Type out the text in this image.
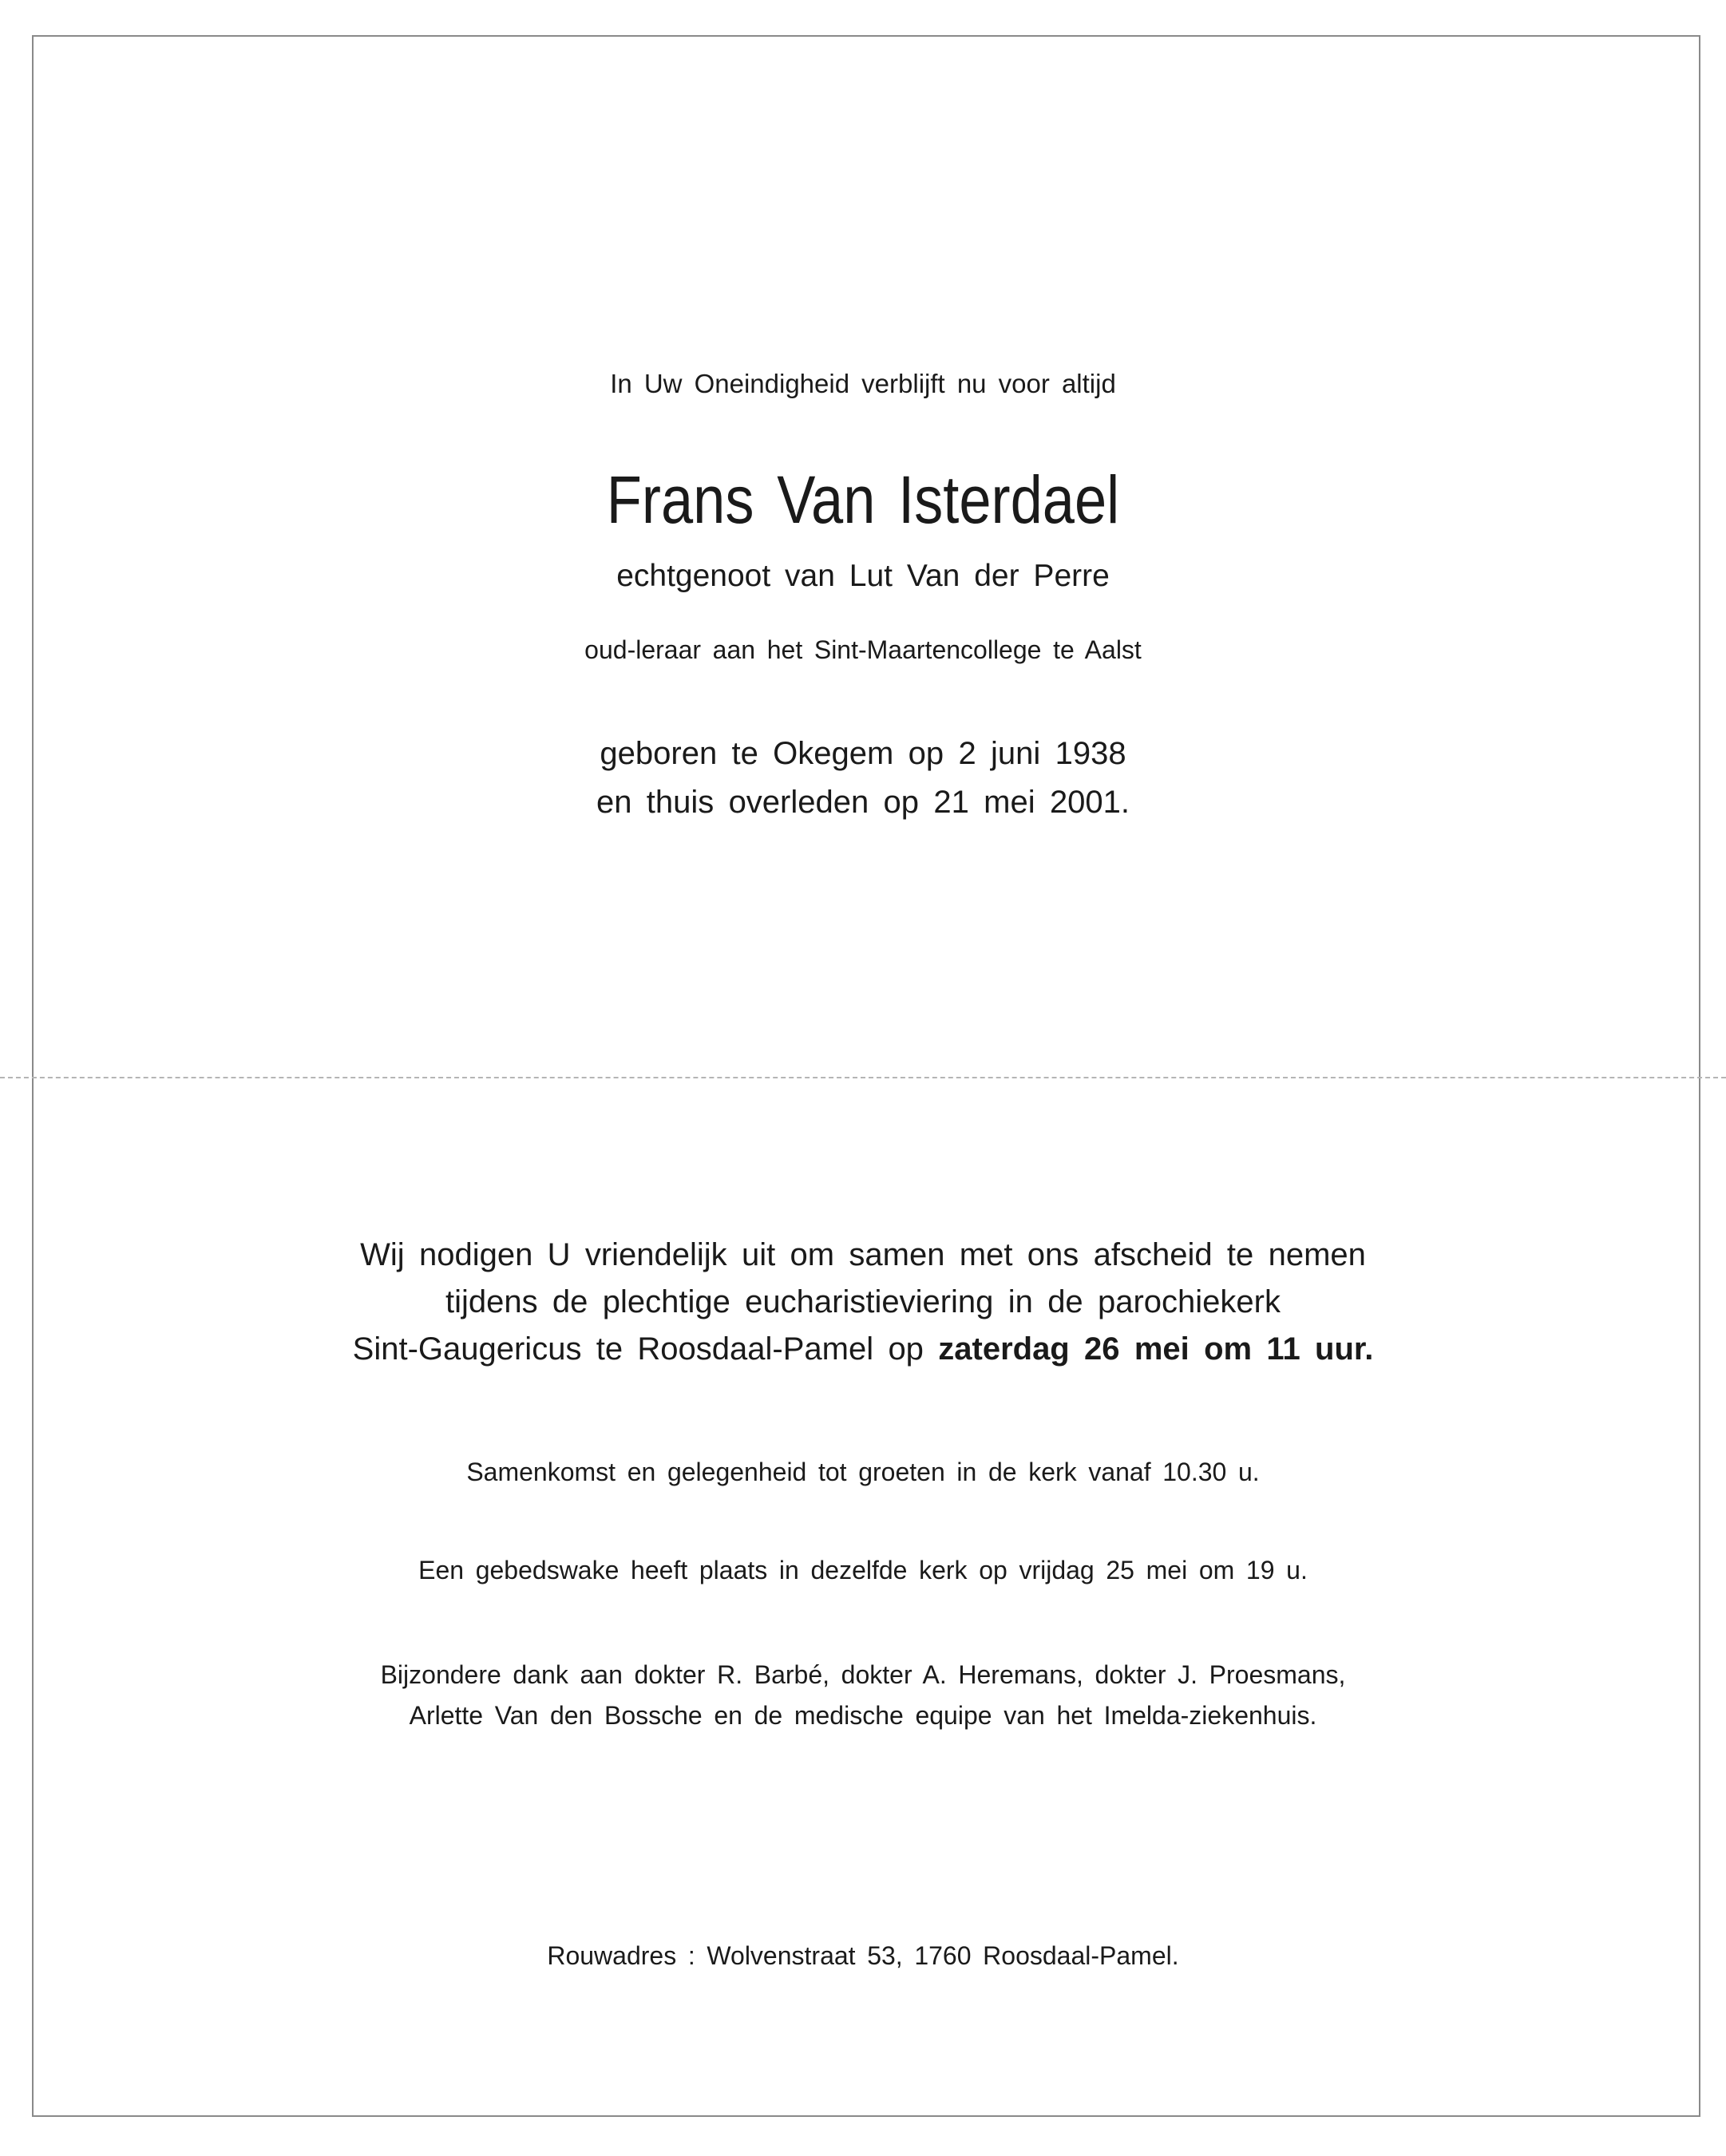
In Uw Oneindigheid verblijft nu voor altijd
Frans Van Isterdael
echtgenoot van Lut Van der Perre
oud-leraar aan het Sint-Maartencollege te Aalst
geboren te Okegem op 2 juni 1938
en thuis overleden op 21 mei 2001.
Wij nodigen U vriendelijk uit om samen met ons afscheid te nemen
tijdens de plechtige eucharistieviering in de parochiekerk
Sint-Gaugericus te Roosdaal-Pamel op zaterdag 26 mei om 11 uur.
Samenkomst en gelegenheid tot groeten in de kerk vanaf 10.30 u.
Een gebedswake heeft plaats in dezelfde kerk op vrijdag 25 mei om 19 u.
Bijzondere dank aan dokter R. Barbé, dokter A. Heremans, dokter J. Proesmans,
Arlette Van den Bossche en de medische equipe van het Imelda-ziekenhuis.
Rouwadres : Wolvenstraat 53, 1760 Roosdaal-Pamel.
